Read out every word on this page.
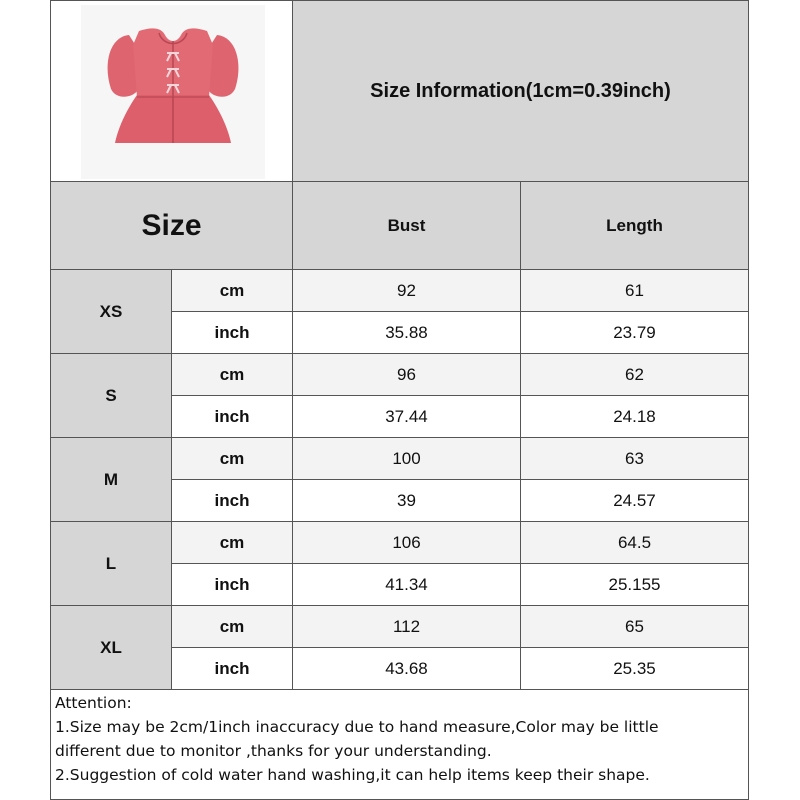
Size Information(1cm=0.39inch)
Size	Bust	Length
XS
cm	92	61
inch	35.88	23.79
S
cm	96	62
inch	37.44	24.18
M
cm	100	63
inch	39	24.57
L
cm	106	64.5
inch	41.34	25.155
XL
cm	112	65
inch	43.68	25.35
Attention:
1.Size may be 2cm/1inch inaccuracy due to hand measure,Color may be little
different due to monitor ,thanks for your understanding.
2.Suggestion of cold water hand washing,it can help items keep their shape.
